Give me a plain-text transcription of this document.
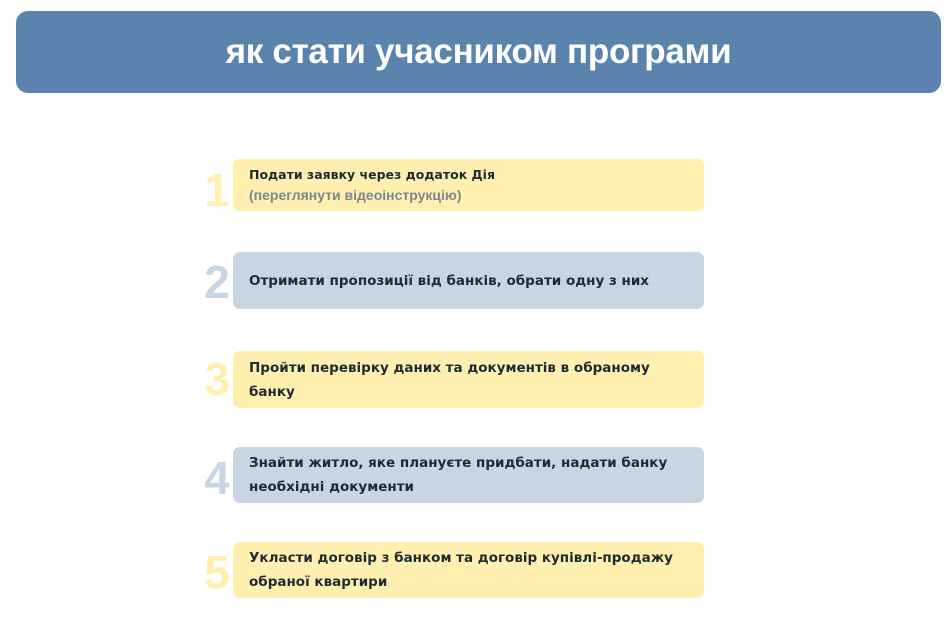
як стати учасником програми
1	Подати заявку через додаток Дія
(переглянути відеоінструкцію)
2	Отримати пропозиції від банків, обрати одну з них
3	Пройти перевірку даних та документів в обраному банку
4	Знайти житло, яке плануєте придбати, надати банку
необхідні документи
5	Укласти договір з банком та договір купівлі-продажу
обраної квартири
